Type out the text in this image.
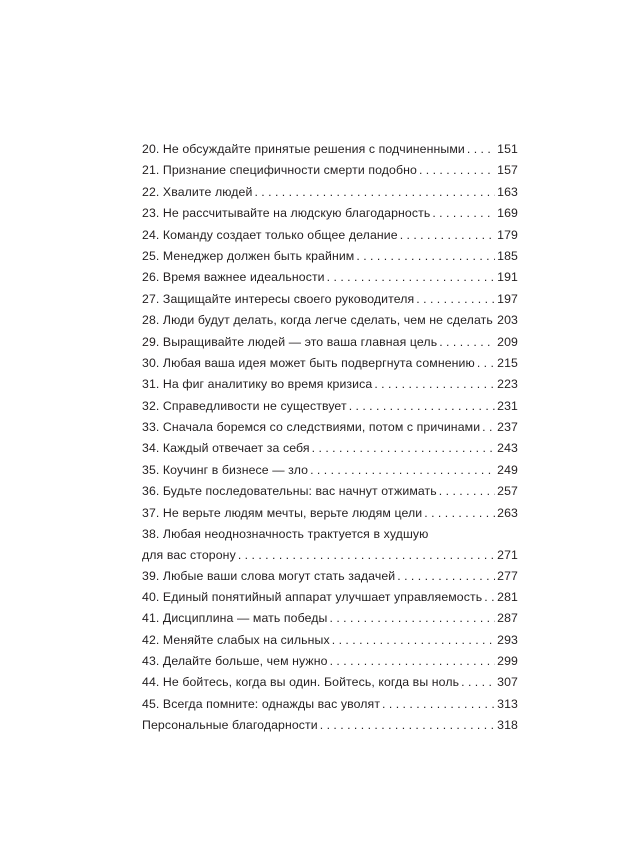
20. Не обсуждайте принятые решения с подчиненными . . .	151
21. Признание специфичности смерти подобно . . .	157
22. Хвалите людей . . .	163
23. Не рассчитывайте на людскую благодарность . . .	169
24. Команду создает только общее делание . . .	179
25. Менеджер должен быть крайним . . .	185
26. Время важнее идеальности . . .	191
27. Защищайте интересы своего руководителя . . .	197
28. Люди будут делать, когда легче сделать, чем не сделать . . . 203
29. Выращивайте людей — это ваша главная цель . . .	209
30. Любая ваша идея может быть подвергнута сомнению . . . 215
31. На фиг аналитику во время кризиса . . .	223
32. Справедливости не существует . . .	231
33. Сначала боремся со следствиями, потом с причинами . . . 237
34. Каждый отвечает за себя . . .	243
35. Коучинг в бизнесе — зло . . .	249
36. Будьте последовательны: вас начнут отжимать . . .	257
37. Не верьте людям мечты, верьте людям цели . . .	263
38. Любая неоднозначность трактуется в худшую
для вас сторону . . .	271
39. Любые ваши слова могут стать задачей . . .	277
40. Единый понятийный аппарат улучшает управляемость . . . 281
41. Дисциплина — мать победы . . .	287
42. Меняйте слабых на сильных . . .	293
43. Делайте больше, чем нужно . . .	299
44. Не бойтесь, когда вы один. Бойтесь, когда вы ноль . . .	307
45. Всегда помните: однажды вас уволят . . .	313
Персональные благодарности . . .	318
